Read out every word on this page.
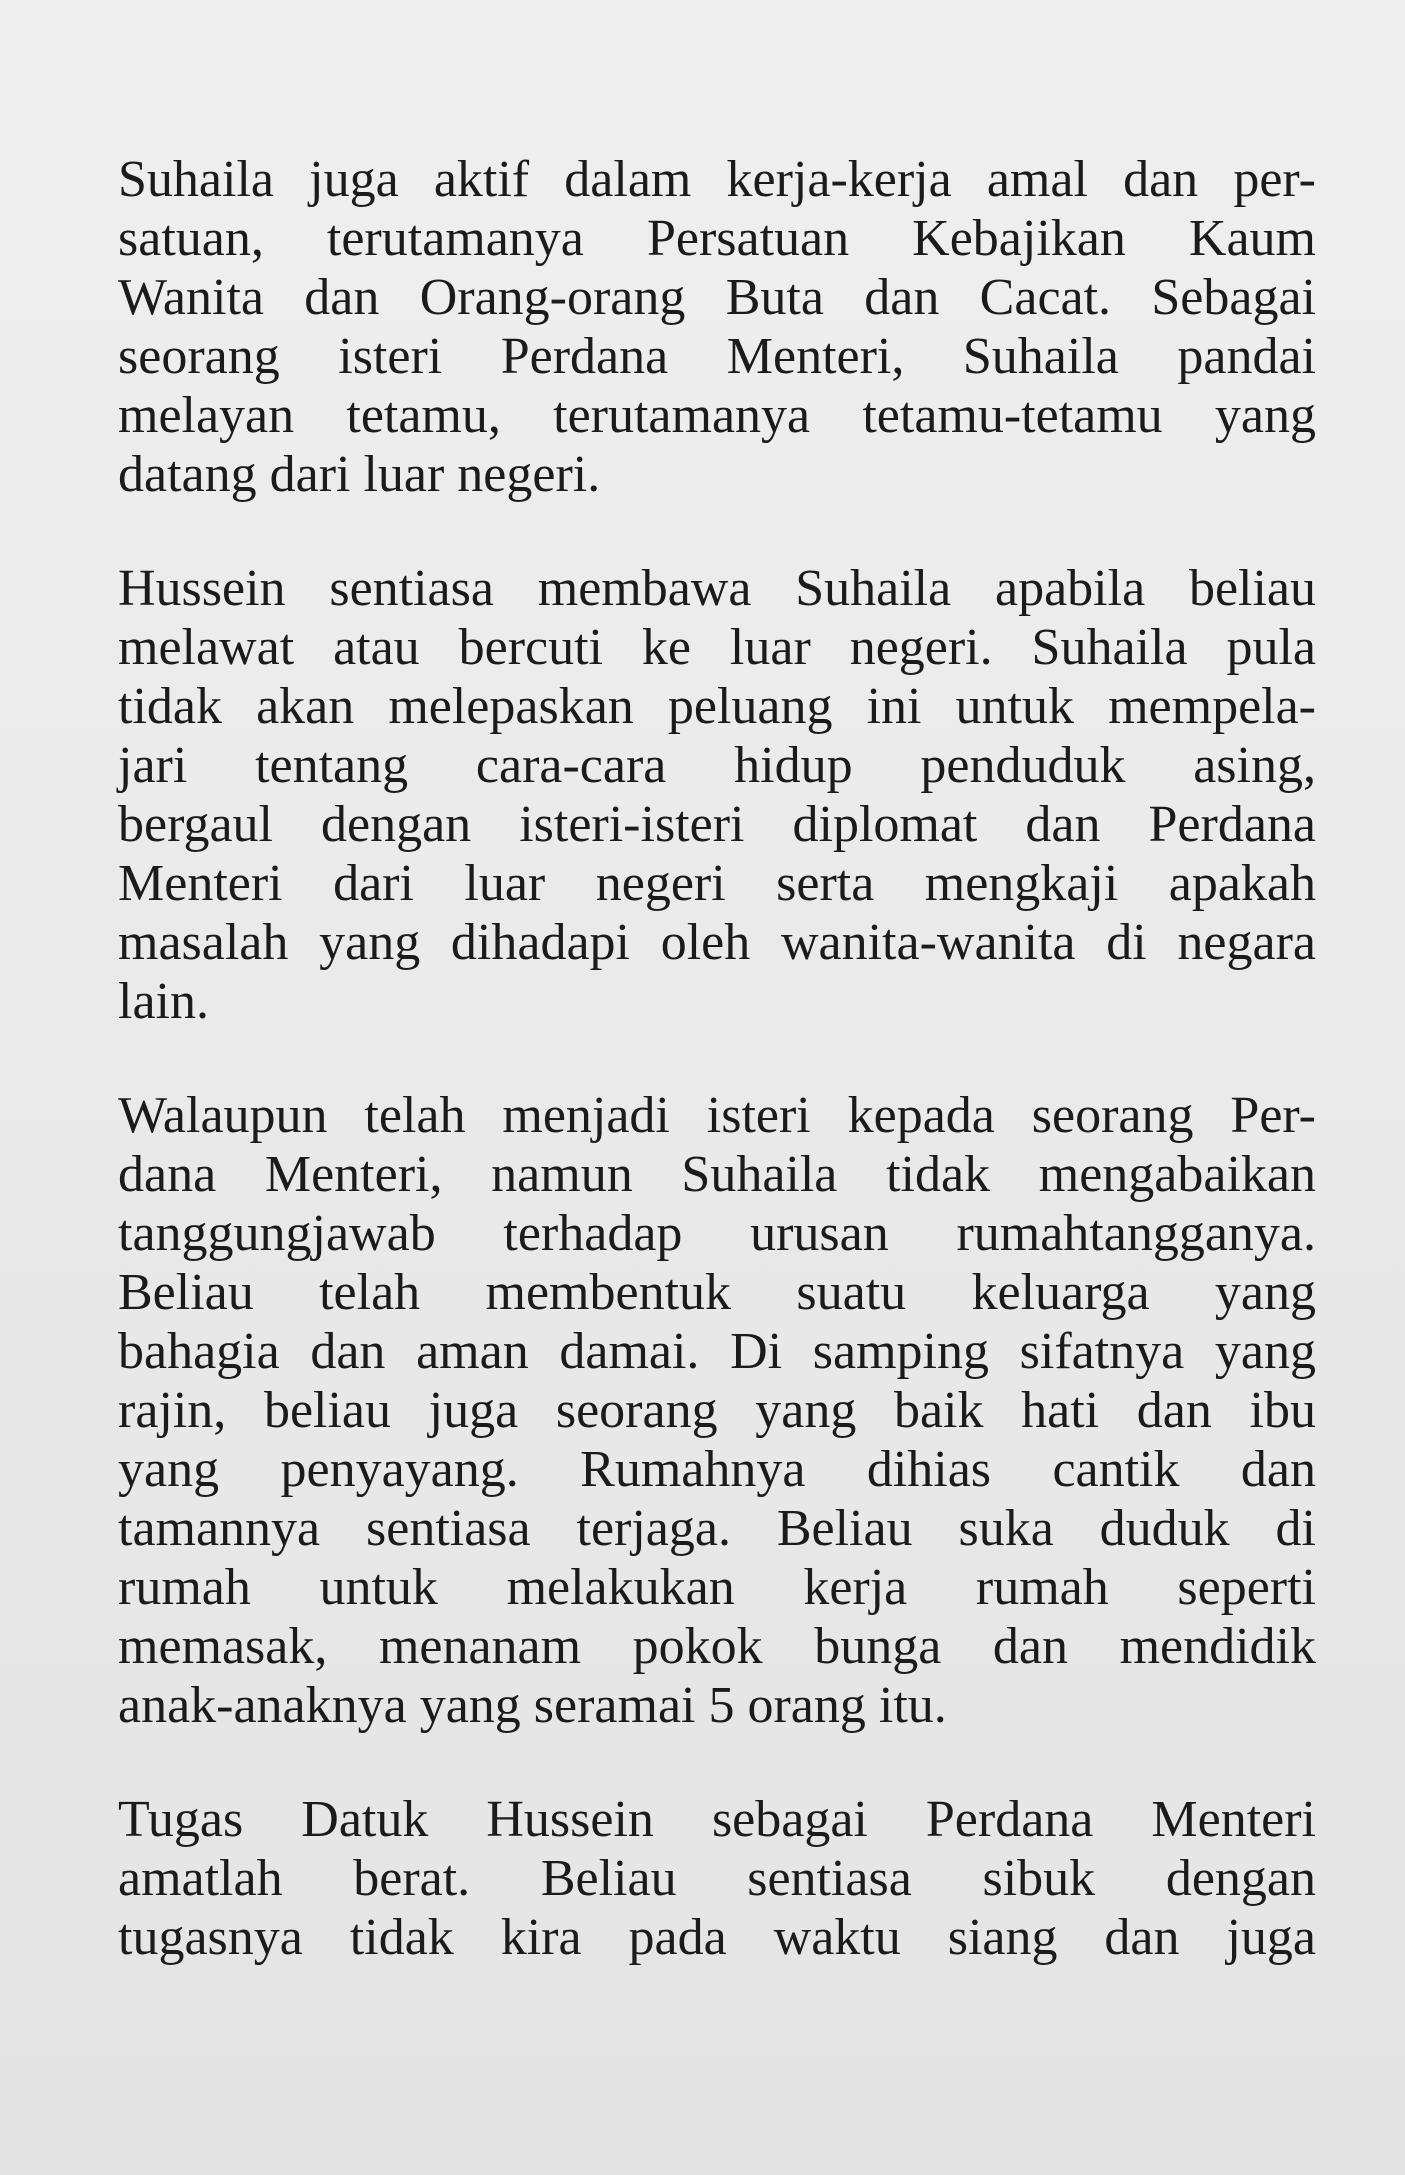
Suhaila juga aktif dalam kerja-kerja amal dan per-
satuan, terutamanya Persatuan Kebajikan Kaum
Wanita dan Orang-orang Buta dan Cacat. Sebagai
seorang isteri Perdana Menteri, Suhaila pandai
melayan tetamu, terutamanya tetamu-tetamu yang
datang dari luar negeri.

Hussein sentiasa membawa Suhaila apabila beliau
melawat atau bercuti ke luar negeri. Suhaila pula
tidak akan melepaskan peluang ini untuk mempela-
jari tentang cara-cara hidup penduduk asing,
bergaul dengan isteri-isteri diplomat dan Perdana
Menteri dari luar negeri serta mengkaji apakah
masalah yang dihadapi oleh wanita-wanita di negara
lain.

Walaupun telah menjadi isteri kepada seorang Per-
dana Menteri, namun Suhaila tidak mengabaikan
tanggungjawab terhadap urusan rumahtangganya.
Beliau telah membentuk suatu keluarga yang
bahagia dan aman damai. Di samping sifatnya yang
rajin, beliau juga seorang yang baik hati dan ibu
yang penyayang. Rumahnya dihias cantik dan
tamannya sentiasa terjaga. Beliau suka duduk di
rumah untuk melakukan kerja rumah seperti
memasak, menanam pokok bunga dan mendidik
anak-anaknya yang seramai 5 orang itu.

Tugas Datuk Hussein sebagai Perdana Menteri
amatlah berat. Beliau sentiasa sibuk dengan
tugasnya tidak kira pada waktu siang dan juga
